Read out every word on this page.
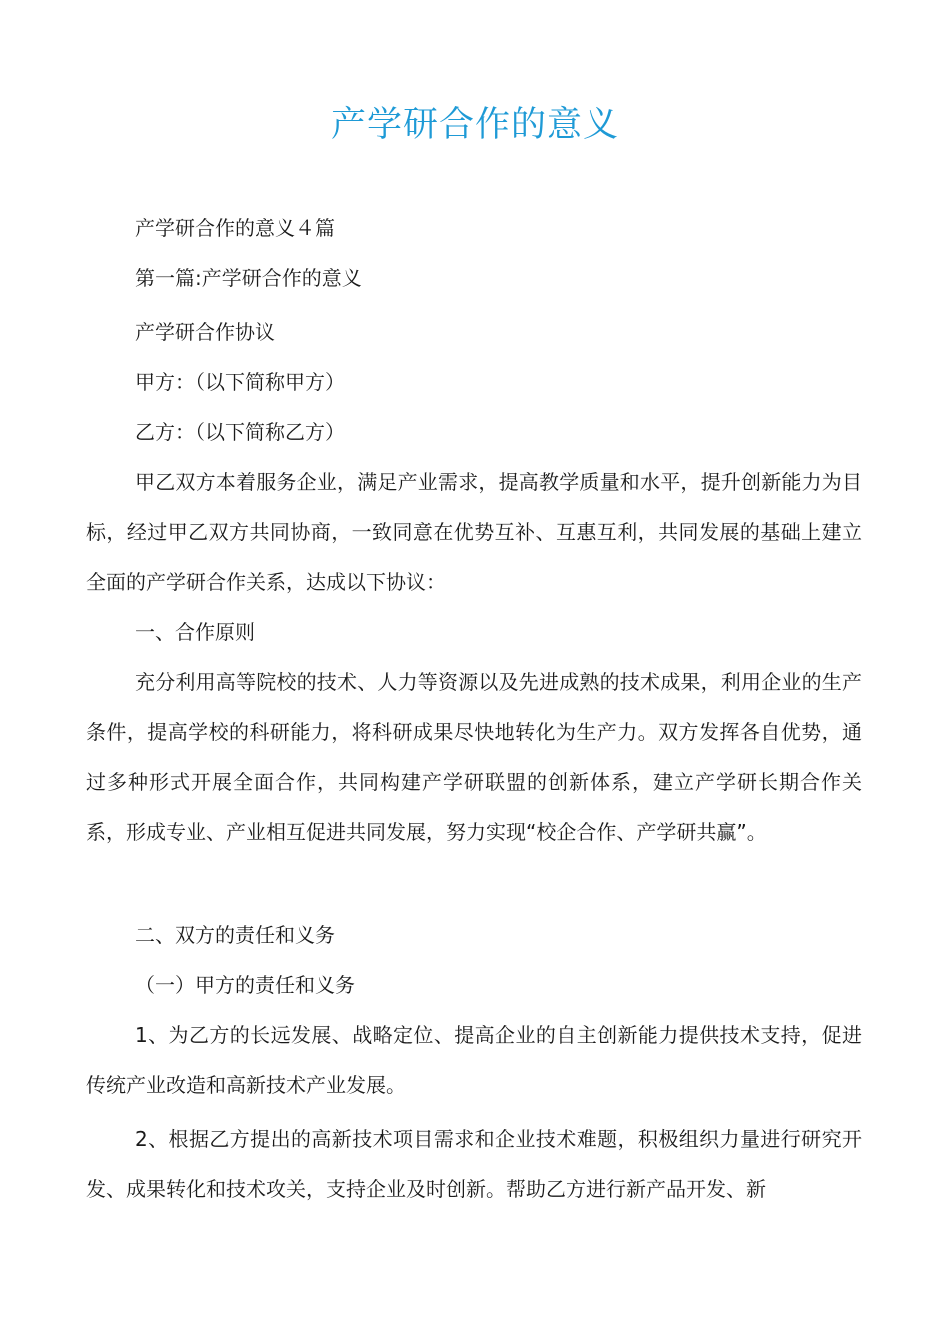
产学研合作的意义

产学研合作的意义４篇

第一篇:产学研合作的意义

产学研合作协议

甲方：（以下简称甲方）

乙方：（以下简称乙方）

甲乙双方本着服务企业，满足产业需求，提高教学质量和水平，提升创新能力为目标，经过甲乙双方共同协商，一致同意在优势互补、互惠互利，共同发展的基础上建立全面的产学研合作关系，达成以下协议：

一、合作原则

充分利用高等院校的技术、人力等资源以及先进成熟的技术成果，利用企业的生产条件，提高学校的科研能力，将科研成果尽快地转化为生产力。双方发挥各自优势，通过多种形式开展全面合作，共同构建产学研联盟的创新体系，建立产学研长期合作关系，形成专业、产业相互促进共同发展，努力实现“校企合作、产学研共赢”。

二、双方的责任和义务

（一）甲方的责任和义务

1、为乙方的长远发展、战略定位、提高企业的自主创新能力提供技术支持，促进传统产业改造和高新技术产业发展。

2、根据乙方提出的高新技术项目需求和企业技术难题，积极组织力量进行研究开发、成果转化和技术攻关，支持企业及时创新。帮助乙方进行新产品开发、新
